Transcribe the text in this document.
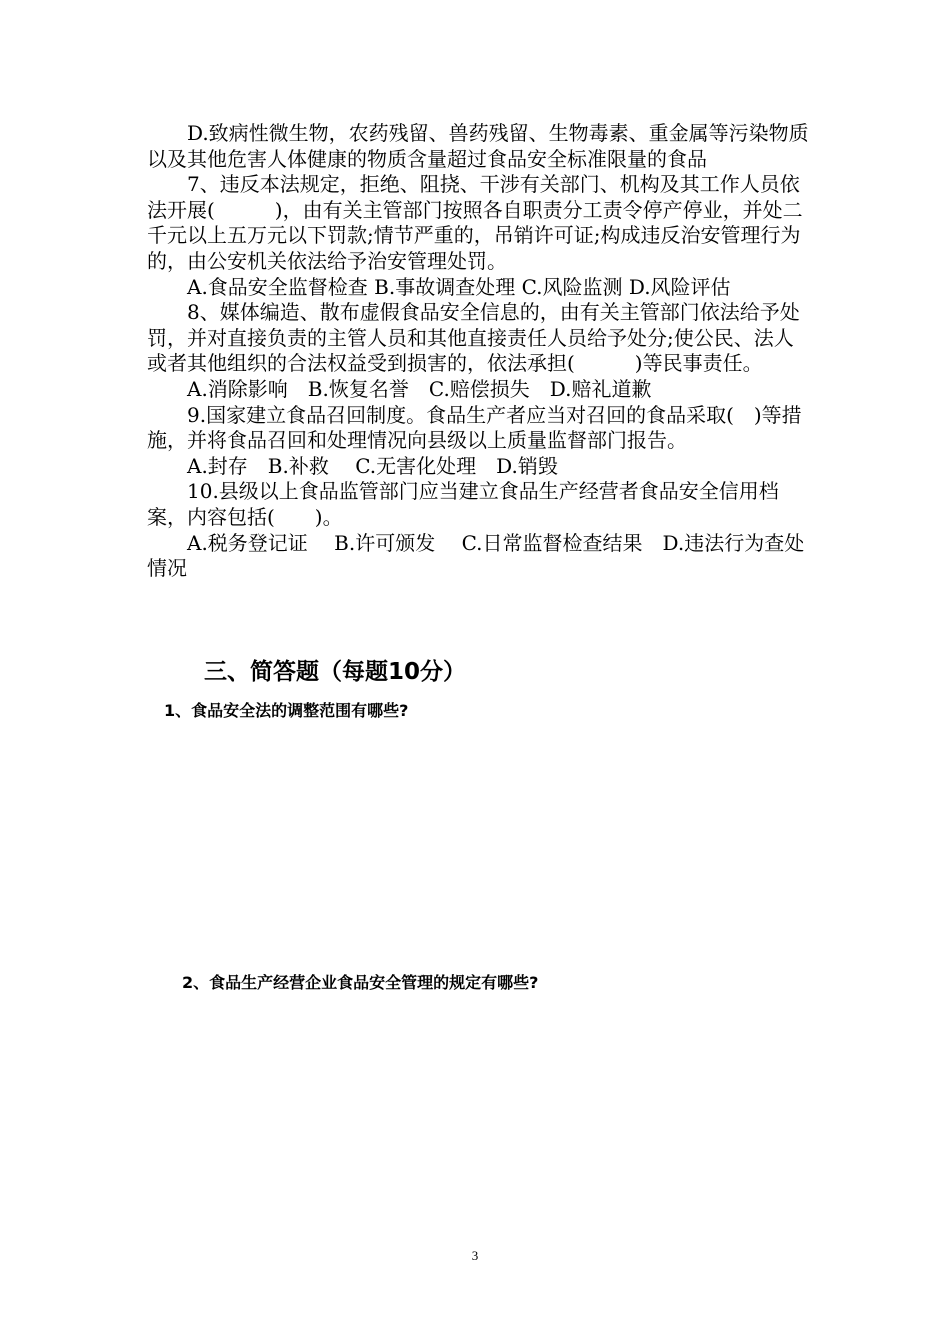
D.致病性微生物，农药残留、兽药残留、生物毒素、重金属等污染物质以及其他危害人体健康的物质含量超过食品安全标准限量的食品

7、违反本法规定，拒绝、阻挠、干涉有关部门、机构及其工作人员依法开展(　　　)，由有关主管部门按照各自职责分工责令停产停业，并处二千元以上五万元以下罚款;情节严重的，吊销许可证;构成违反治安管理行为的，由公安机关依法给予治安管理处罚。

A.食品安全监督检查 B.事故调查处理 C.风险监测 D.风险评估

8、媒体编造、散布虚假食品安全信息的，由有关主管部门依法给予处罚，并对直接负责的主管人员和其他直接责任人员给予处分;使公民、法人或者其他组织的合法权益受到损害的，依法承担(　　　)等民事责任。

A.消除影响　B.恢复名誉　C.赔偿损失　D.赔礼道歉

9.国家建立食品召回制度。食品生产者应当对召回的食品采取(　)等措施，并将食品召回和处理情况向县级以上质量监督部门报告。

A.封存　B.补救　 C.无害化处理　D.销毁

10.县级以上食品监管部门应当建立食品生产经营者食品安全信用档案，内容包括(　　)。

A.税务登记证　 B.许可颁发　 C.日常监督检查结果　D.违法行为查处情况

三、简答题（每题10分）

1、食品安全法的调整范围有哪些?

2、食品生产经营企业食品安全管理的规定有哪些?

3
